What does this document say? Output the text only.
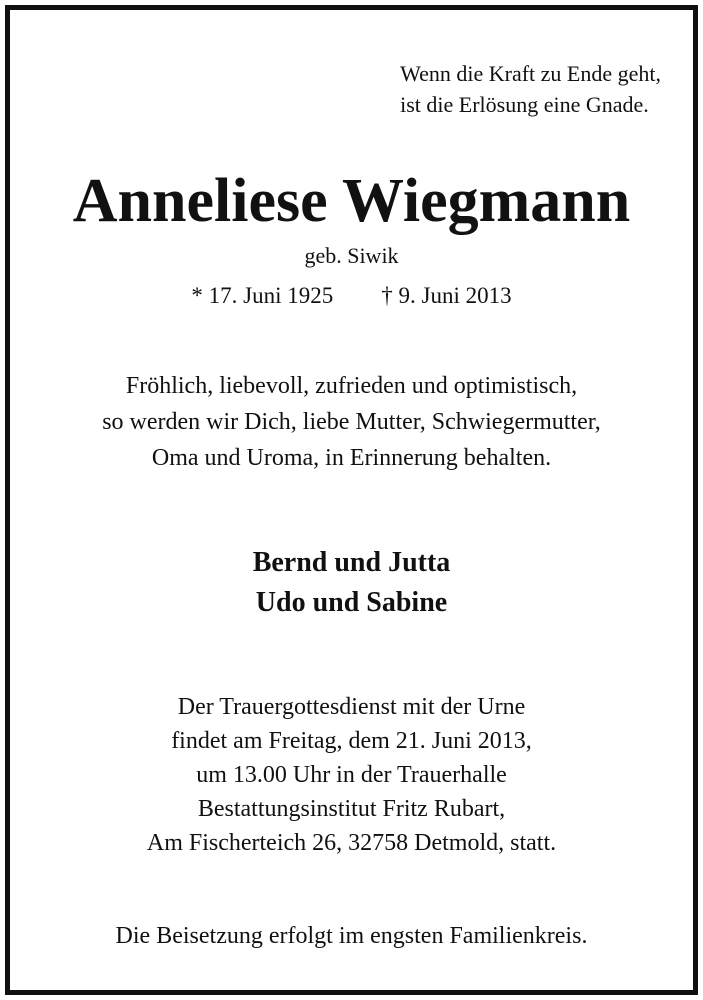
Wenn die Kraft zu Ende geht,
ist die Erlösung eine Gnade.
Anneliese Wiegmann
geb. Siwik
* 17. Juni 1925 † 9. Juni 2013
Fröhlich, liebevoll, zufrieden und optimistisch,
so werden wir Dich, liebe Mutter, Schwiegermutter,
Oma und Uroma, in Erinnerung behalten.
Bernd und Jutta
Udo und Sabine
Der Trauergottesdienst mit der Urne
findet am Freitag, dem 21. Juni 2013,
um 13.00 Uhr in der Trauerhalle
Bestattungsinstitut Fritz Rubart,
Am Fischerteich 26, 32758 Detmold, statt.
Die Beisetzung erfolgt im engsten Familienkreis.
